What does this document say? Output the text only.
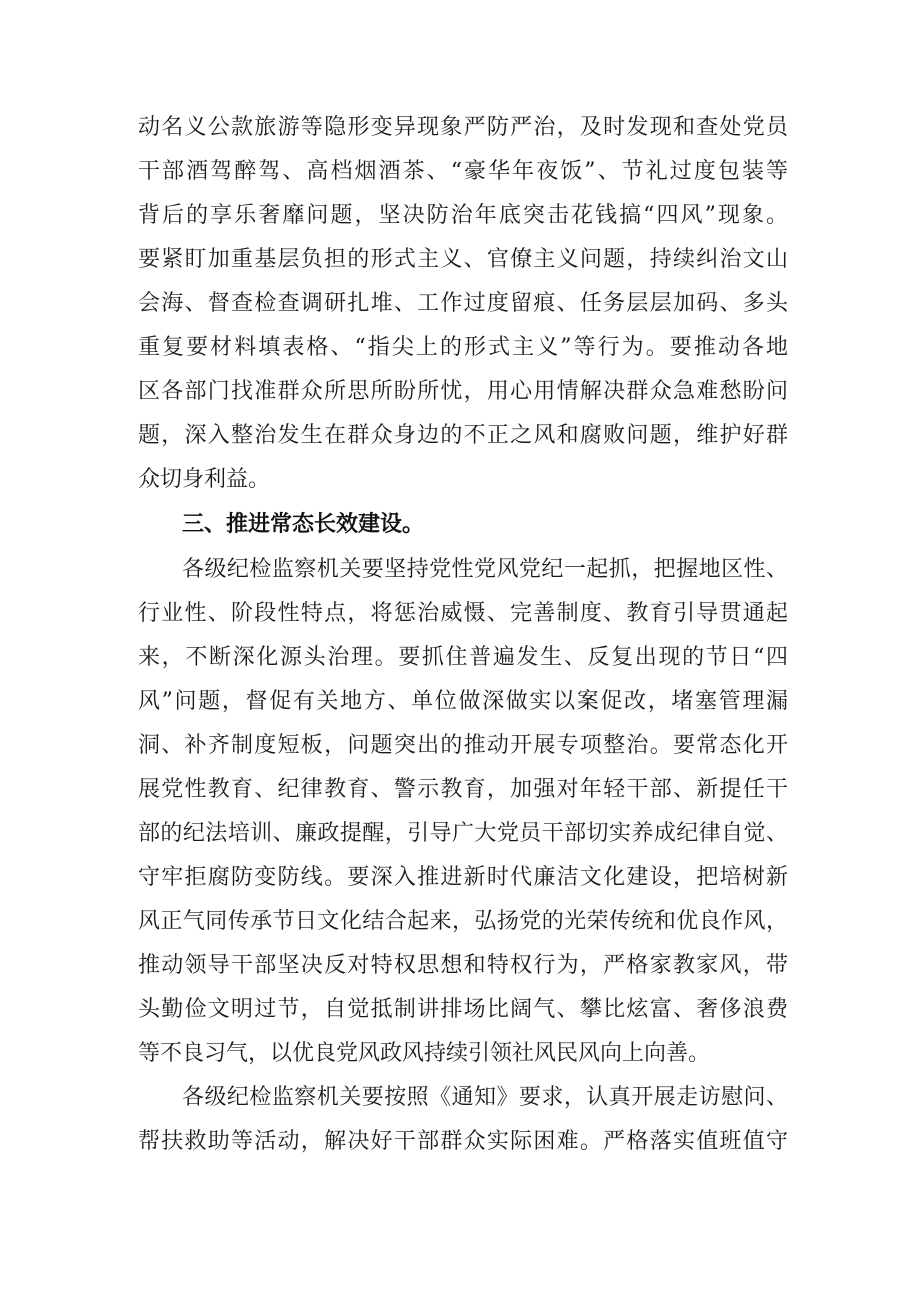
动名义公款旅游等隐形变异现象严防严治，及时发现和查处党员
干部酒驾醉驾、高档烟酒茶、“豪华年夜饭”、节礼过度包装等
背后的享乐奢靡问题，坚决防治年底突击花钱搞“四风”现象。
要紧盯加重基层负担的形式主义、官僚主义问题，持续纠治文山
会海、督查检查调研扎堆、工作过度留痕、任务层层加码、多头
重复要材料填表格、“指尖上的形式主义”等行为。要推动各地
区各部门找准群众所思所盼所忧，用心用情解决群众急难愁盼问
题，深入整治发生在群众身边的不正之风和腐败问题，维护好群
众切身利益。
三、推进常态长效建设。
各级纪检监察机关要坚持党性党风党纪一起抓，把握地区性、
行业性、阶段性特点，将惩治威慑、完善制度、教育引导贯通起
来，不断深化源头治理。要抓住普遍发生、反复出现的节日“四
风”问题，督促有关地方、单位做深做实以案促改，堵塞管理漏
洞、补齐制度短板，问题突出的推动开展专项整治。要常态化开
展党性教育、纪律教育、警示教育，加强对年轻干部、新提任干
部的纪法培训、廉政提醒，引导广大党员干部切实养成纪律自觉、
守牢拒腐防变防线。要深入推进新时代廉洁文化建设，把培树新
风正气同传承节日文化结合起来，弘扬党的光荣传统和优良作风，
推动领导干部坚决反对特权思想和特权行为，严格家教家风，带
头勤俭文明过节，自觉抵制讲排场比阔气、攀比炫富、奢侈浪费
等不良习气，以优良党风政风持续引领社风民风向上向善。
各级纪检监察机关要按照《通知》要求，认真开展走访慰问、
帮扶救助等活动，解决好干部群众实际困难。严格落实值班值守
